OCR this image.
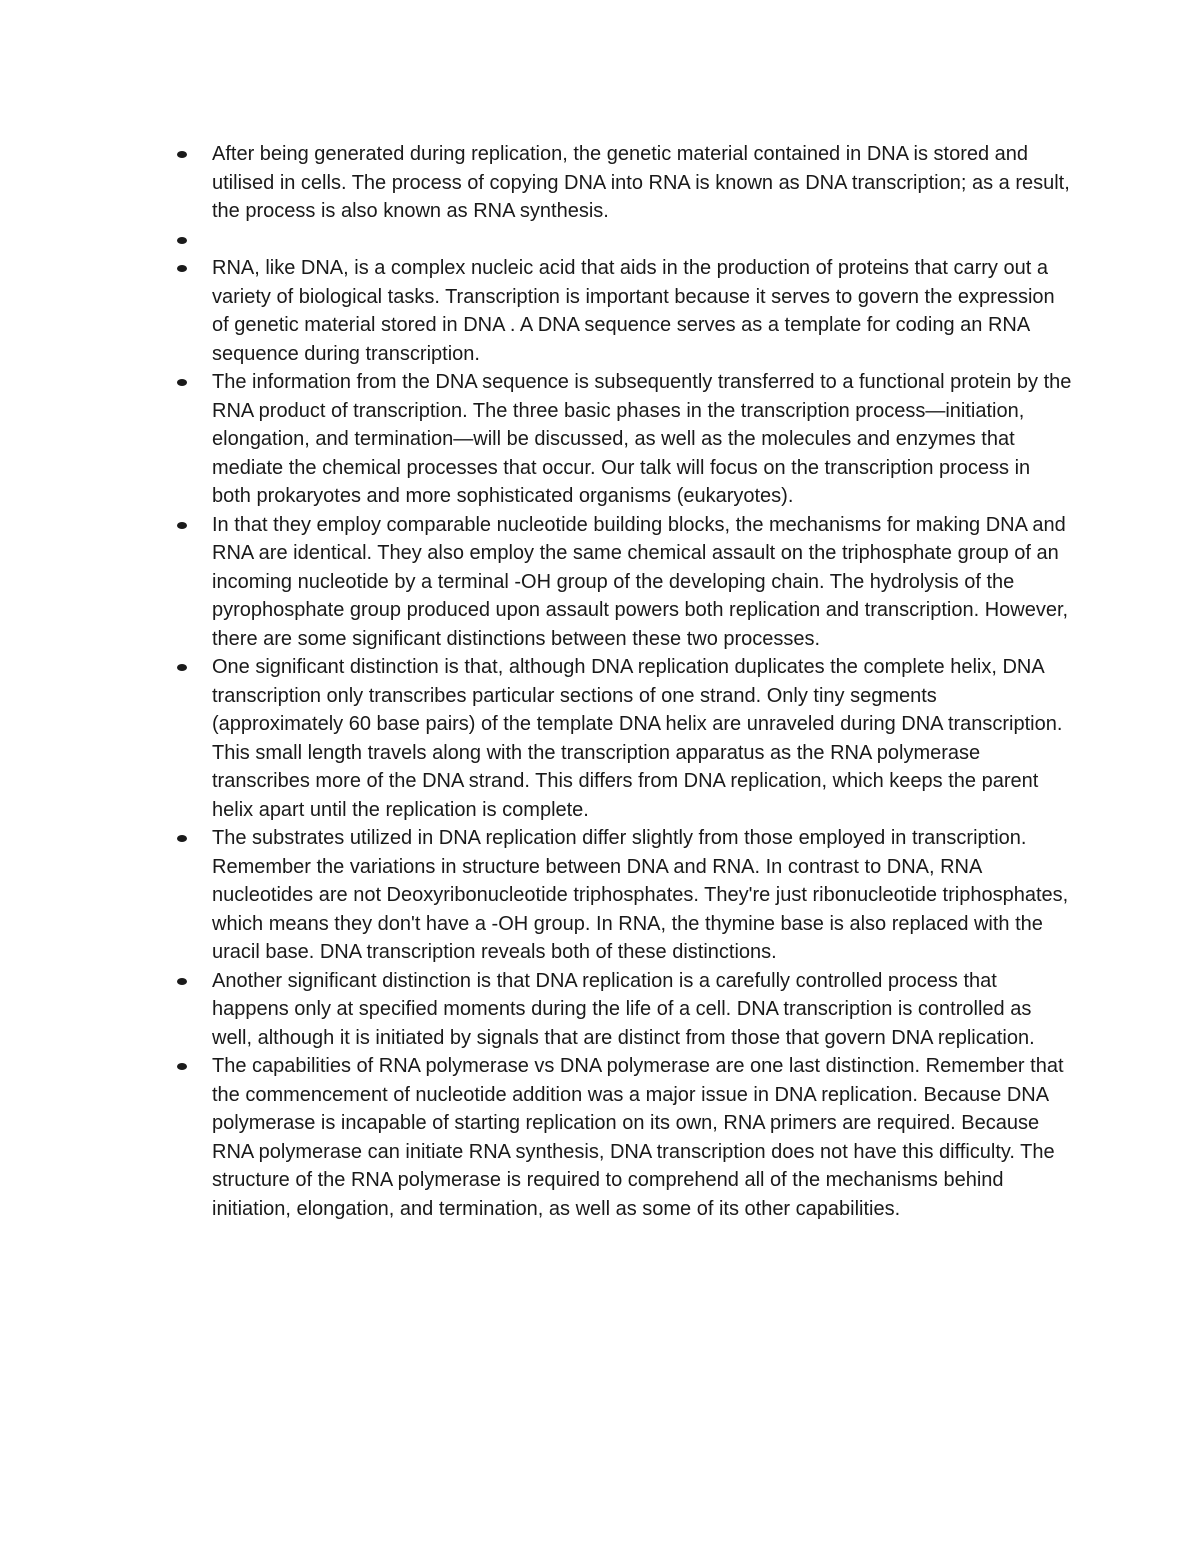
After being generated during replication, the genetic material contained in DNA is stored and utilised in cells. The process of copying DNA into RNA is known as DNA transcription; as a result, the process is also known as RNA synthesis.
RNA, like DNA, is a complex nucleic acid that aids in the production of proteins that carry out a variety of biological tasks. Transcription is important because it serves to govern the expression of genetic material stored in DNA . A DNA sequence serves as a template for coding an RNA sequence during transcription.
The information from the DNA sequence is subsequently transferred to a functional protein by the RNA product of transcription. The three basic phases in the transcription process—initiation, elongation, and termination—will be discussed, as well as the molecules and enzymes that mediate the chemical processes that occur. Our talk will focus on the transcription process in both prokaryotes and more sophisticated organisms (eukaryotes).
In that they employ comparable nucleotide building blocks, the mechanisms for making DNA and RNA are identical. They also employ the same chemical assault on the triphosphate group of an incoming nucleotide by a terminal -OH group of the developing chain. The hydrolysis of the pyrophosphate group produced upon assault powers both replication and transcription. However, there are some significant distinctions between these two processes.
One significant distinction is that, although DNA replication duplicates the complete helix, DNA transcription only transcribes particular sections of one strand. Only tiny segments (approximately 60 base pairs) of the template DNA helix are unraveled during DNA transcription. This small length travels along with the transcription apparatus as the RNA polymerase transcribes more of the DNA strand. This differs from DNA replication, which keeps the parent helix apart until the replication is complete.
The substrates utilized in DNA replication differ slightly from those employed in transcription. Remember the variations in structure between DNA and RNA. In contrast to DNA, RNA nucleotides are not Deoxyribonucleotide triphosphates. They're just ribonucleotide triphosphates, which means they don't have a -OH group. In RNA, the thymine base is also replaced with the uracil base. DNA transcription reveals both of these distinctions.
Another significant distinction is that DNA replication is a carefully controlled process that happens only at specified moments during the life of a cell. DNA transcription is controlled as well, although it is initiated by signals that are distinct from those that govern DNA replication.
The capabilities of RNA polymerase vs DNA polymerase are one last distinction. Remember that the commencement of nucleotide addition was a major issue in DNA replication. Because DNA polymerase is incapable of starting replication on its own, RNA primers are required. Because RNA polymerase can initiate RNA synthesis, DNA transcription does not have this difficulty. The structure of the RNA polymerase is required to comprehend all of the mechanisms behind initiation, elongation, and termination, as well as some of its other capabilities.
